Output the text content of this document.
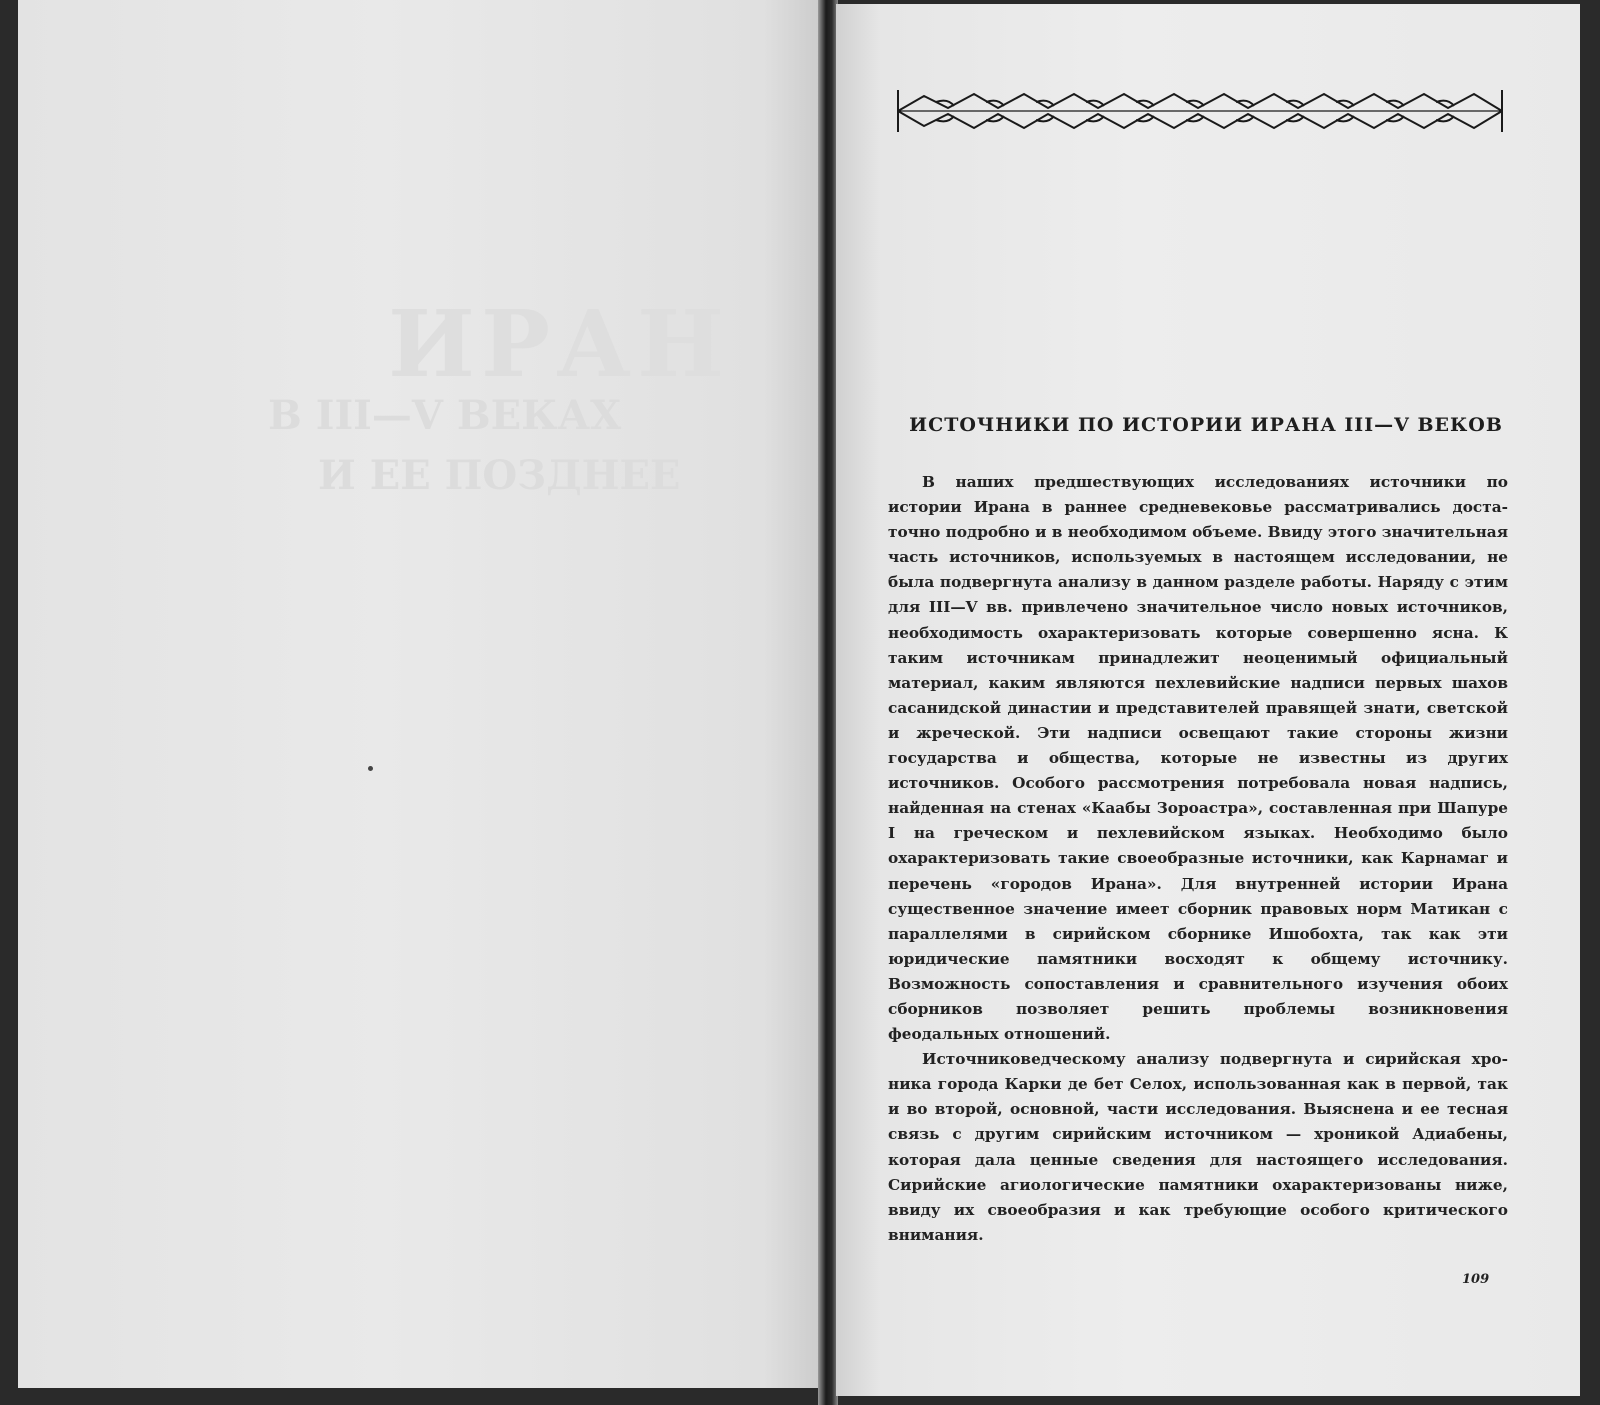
ИРАН
В III—V ВЕКАХ
И ЕЕ ПОЗДНЕЕ
ИСТОЧНИКИ ПО ИСТОРИИ ИРАНА III—V ВЕКОВ

В наших предшествующих исследованиях источники по истории Ирана в раннее средневековье рассматривались достаточно подробно и в необходимом объеме. Ввиду этого значительная часть источников, используемых в настоящем исследовании, не была подвергнута анализу в данном разделе работы. Наряду с этим для III—V вв. привлечено значительное число новых источников, необходимость охарактеризовать которые совершенно ясна. К таким источникам принадлежит неоценимый официальный материал, каким являются пехлевийские надписи первых шахов сасанидской династии и представителей правящей знати, светской и жреческой. Эти надписи освещают такие стороны жизни государства и общества, которые не известны из других источников. Особого рассмотрения потребовала новая надпись, найденная на стенах «Каабы Зороастра», составленная при Шапуре I на греческом и пехлевийском языках. Необходимо было охарактеризовать такие своеобразные источники, как Карнамаг и перечень «городов Ирана». Для внутренней истории Ирана существенное значение имеет сборник правовых норм Матикан с параллелями в сирийском сборнике Ишобохта, так как эти юридические памятники восходят к общему источнику. Возможность сопоставления и сравнительного изучения обоих сборников позволяет решить проблемы возникновения феодальных отношений.

Источниковедческому анализу подвергнута и сирийская хроника города Карки де бет Селох, использованная как в первой, так и во второй, основной, части исследования. Выяснена и ее тесная связь с другим сирийским источником — хроникой Адиабены, которая дала ценные сведения для настоящего исследования. Сирийские агиологические памятники охарактеризованы ниже, ввиду их своеобразия и как требующие особого критического внимания.

109
